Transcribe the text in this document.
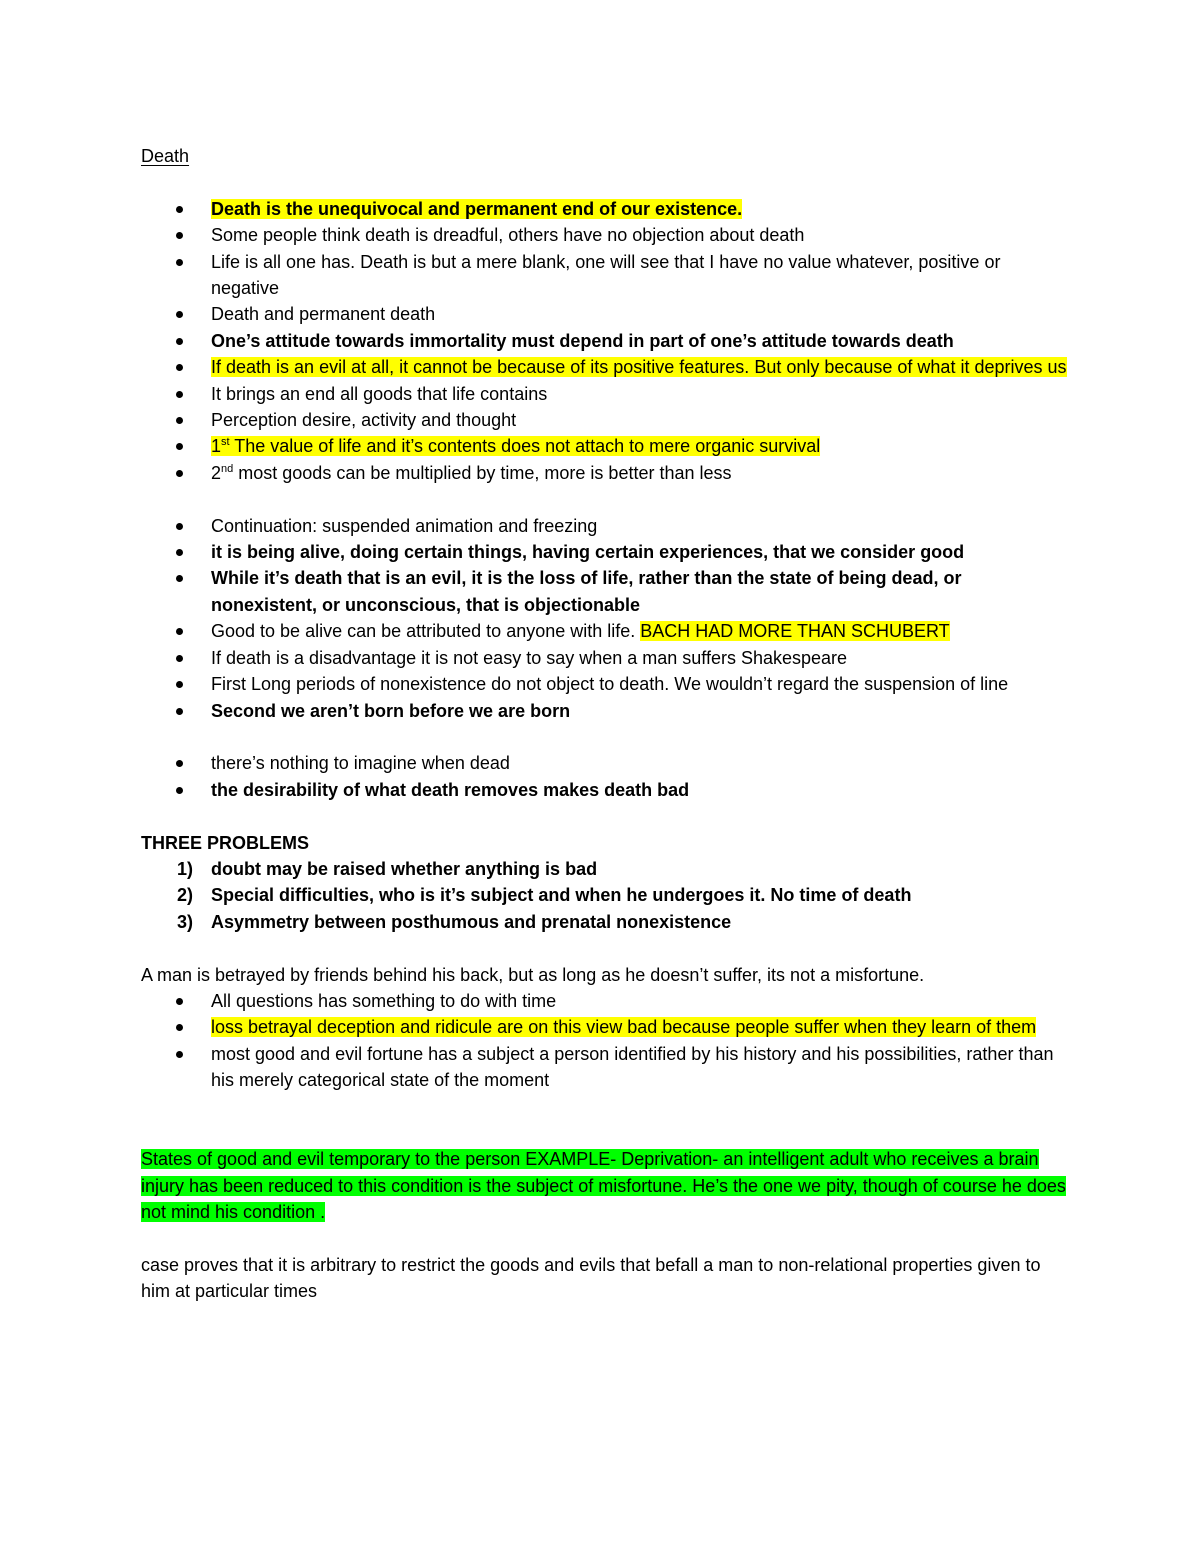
Death

Death is the unequivocal and permanent end of our existence.
Some people think death is dreadful, others have no objection about death
Life is all one has. Death is but a mere blank, one will see that I have no value whatever, positive or negative
Death and permanent death
One’s attitude towards immortality must depend in part of one’s attitude towards death
If death is an evil at all, it cannot be because of its positive features. But only because of what it deprives us
It brings an end all goods that life contains
Perception desire, activity and thought
1st The value of life and it’s contents does not attach to mere organic survival
2nd most goods can be multiplied by time, more is better than less
Continuation: suspended animation and freezing
it is being alive, doing certain things, having certain experiences, that we consider good
While it’s death that is an evil, it is the loss of life, rather than the state of being dead, or nonexistent, or unconscious, that is objectionable
Good to be alive can be attributed to anyone with life. BACH HAD MORE THAN SCHUBERT
If death is a disadvantage it is not easy to say when a man suffers Shakespeare
First Long periods of nonexistence do not object to death. We wouldn’t regard the suspension of line
Second we aren’t born before we are born
there’s nothing to imagine when dead
the desirability of what death removes makes death bad

THREE PROBLEMS

1) doubt may be raised whether anything is bad
2) Special difficulties, who is it’s subject and when he undergoes it. No time of death
3) Asymmetry between posthumous and prenatal nonexistence

A man is betrayed by friends behind his back, but as long as he doesn’t suffer, its not a misfortune.

All questions has something to do with time
loss betrayal deception and ridicule are on this view bad because people suffer when they learn of them
most good and evil fortune has a subject a person identified by his history and his possibilities, rather than his merely categorical state of the moment

States of good and evil temporary to the person EXAMPLE- Deprivation- an intelligent adult who receives a brain injury has been reduced to this condition is the subject of misfortune. He’s the one we pity, though of course he does not mind his condition .

case proves that it is arbitrary to restrict the goods and evils that befall a man to non-relational properties given to him at particular times
